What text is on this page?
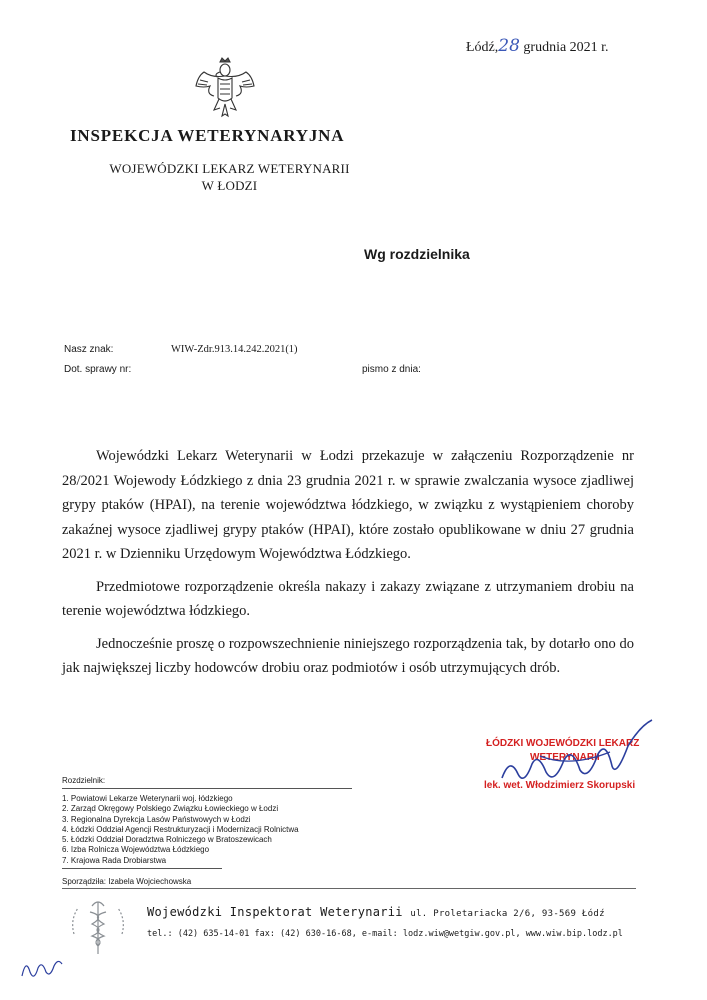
Łódź,28 grudnia 2021 r.
INSPEKCJA WETERYNARYJNA
WOJEWÓDZKI LEKARZ WETERYNARII
W ŁODZI
Wg rozdzielnika
Nasz znak:	WIW-Zdr.913.14.242.2021(1)
Dot. sprawy nr:	pismo z dnia:

Wojewódzki Lekarz Weterynarii w Łodzi przekazuje w załączeniu Rozporządzenie nr 28/2021 Wojewody Łódzkiego z dnia 23 grudnia 2021 r. w sprawie zwalczania wysoce zjadliwej grypy ptaków (HPAI), na terenie województwa łódzkiego, w związku z wystąpieniem choroby zakaźnej wysoce zjadliwej grypy ptaków (HPAI), które zostało opublikowane w dniu 27 grudnia 2021 r. w Dzienniku Urzędowym Województwa Łódzkiego.

Przedmiotowe rozporządzenie określa nakazy i zakazy związane z utrzymaniem drobiu na terenie województwa łódzkiego.

Jednocześnie proszę o rozpowszechnienie niniejszego rozporządzenia tak, by dotarło ono do jak największej liczby hodowców drobiu oraz podmiotów i osób utrzymujących drób.

ŁÓDZKI WOJEWÓDZKI LEKARZ
WETERYNARII
lek. wet. Włodzimierz Skorupski
Rozdzielnik:
1. Powiatowi Lekarze Weterynarii woj. łódzkiego
2. Zarząd Okręgowy Polskiego Związku Łowieckiego w Łodzi
3. Regionalna Dyrekcja Lasów Państwowych w Łodzi
4. Łódzki Oddział Agencji Restrukturyzacji i Modernizacji Rolnictwa
5. Łódzki Oddział Doradztwa Rolniczego w Bratoszewicach
6. Izba Rolnicza Województwa Łódzkiego
7. Krajowa Rada Drobiarstwa
Sporządziła: Izabela Wojciechowska
Wojewódzki Inspektorat Weterynarii ul. Proletariacka 2/6, 93-569 Łódź
tel.: (42) 635-14-01 fax: (42) 630-16-68, e-mail: lodz.wiw@wetgiw.gov.pl, www.wiw.bip.lodz.pl
